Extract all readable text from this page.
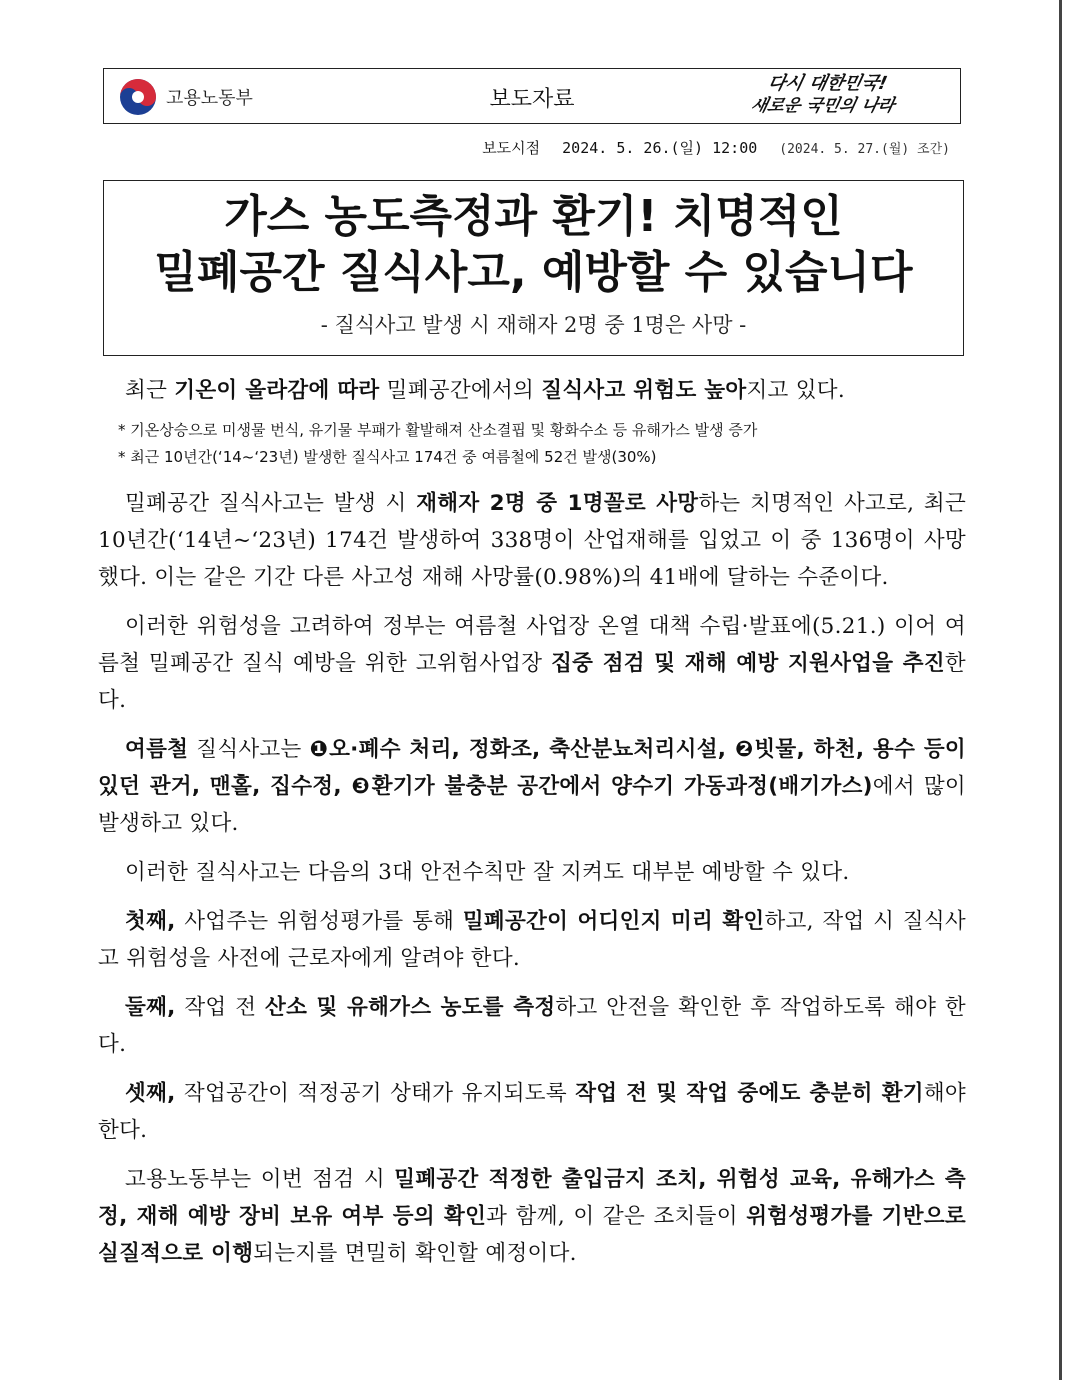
고용노동부	보도자료
다시 대한민국!
새로운 국민의 나라
보도시점 2024. 5. 26.(일) 12:00 (2024. 5. 27.(월) 조간)
가스 농도측정과 환기! 치명적인
밀폐공간 질식사고, 예방할 수 있습니다
- 질식사고 발생 시 재해자 2명 중 1명은 사망 -

최근 기온이 올라감에 따라 밀폐공간에서의 질식사고 위험도 높아지고 있다.

* 기온상승으로 미생물 번식, 유기물 부패가 활발해져 산소결핍 및 황화수소 등 유해가스 발생 증가
* 최근 10년간(‘14~‘23년) 발생한 질식사고 174건 중 여름철에 52건 발생(30%)

밀폐공간 질식사고는 발생 시 재해자 2명 중 1명꼴로 사망하는 치명적인 사고로, 최근 10년간(‘14년~‘23년) 174건 발생하여 338명이 산업재해를 입었고 이 중 136명이 사망했다. 이는 같은 기간 다른 사고성 재해 사망률(0.98%)의 41배에 달하는 수준이다.

이러한 위험성을 고려하여 정부는 여름철 사업장 온열 대책 수립·발표에(5.21.) 이어 여름철 밀폐공간 질식 예방을 위한 고위험사업장 집중 점검 및 재해 예방 지원사업을 추진한다.

여름철 질식사고는 ❶오·폐수 처리, 정화조, 축산분뇨처리시설, ❷빗물, 하천, 용수 등이 있던 관거, 맨홀, 집수정, ❸환기가 불충분 공간에서 양수기 가동과정(배기가스)에서 많이 발생하고 있다.

이러한 질식사고는 다음의 3대 안전수칙만 잘 지켜도 대부분 예방할 수 있다.

첫째, 사업주는 위험성평가를 통해 밀폐공간이 어디인지 미리 확인하고, 작업 시 질식사고 위험성을 사전에 근로자에게 알려야 한다.

둘째, 작업 전 산소 및 유해가스 농도를 측정하고 안전을 확인한 후 작업하도록 해야 한다.

셋째, 작업공간이 적정공기 상태가 유지되도록 작업 전 및 작업 중에도 충분히 환기해야 한다.

고용노동부는 이번 점검 시 밀폐공간 적정한 출입금지 조치, 위험성 교육, 유해가스 측정, 재해 예방 장비 보유 여부 등의 확인과 함께, 이 같은 조치들이 위험성평가를 기반으로 실질적으로 이행되는지를 면밀히 확인할 예정이다.
